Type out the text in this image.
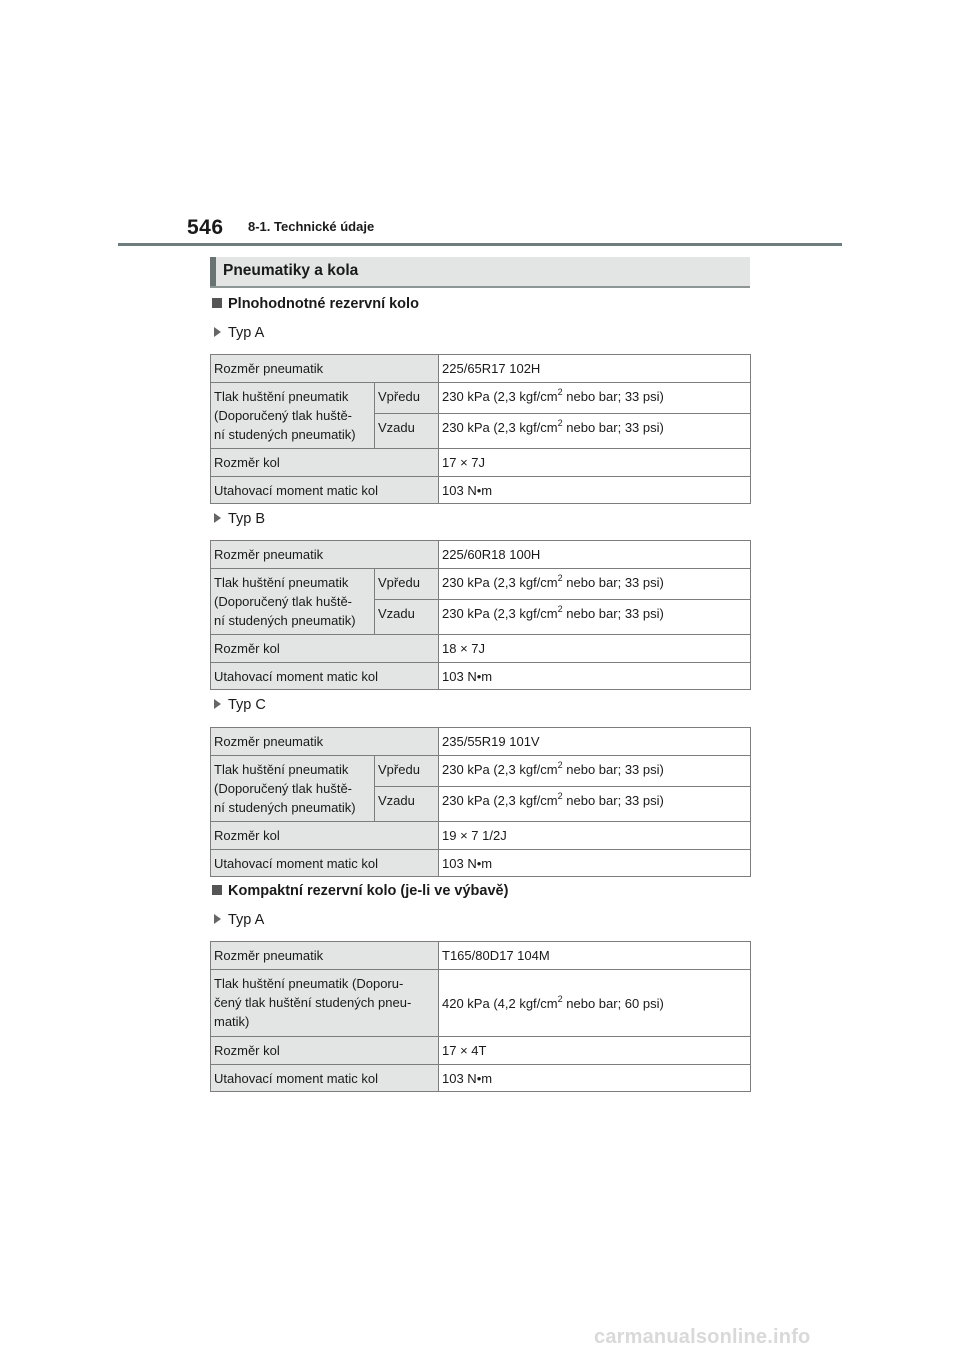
546 8-1. Technické údaje
Pneumatiky a kola
Plnohodnotné rezervní kolo
Typ A
Rozměr pneumatik		225/65R17 102H
Tlak huštění pneumatik
(Doporučený tlak huště-
ní studených pneumatik)	Vpředu	230 kPa (2,3 kgf/$cm^2$ nebo bar; 33 psi)
	Vzadu	230 kPa (2,3 kgf/$cm^2$ nebo bar; 33 psi)
Rozměr kol		17 × 7J
Utahovací moment matic kol		103 N•m
Typ B
Rozměr pneumatik		225/60R18 100H
Tlak huštění pneumatik
(Doporučený tlak huště-
ní studených pneumatik)	Vpředu	230 kPa (2,3 kgf/$cm^2$ nebo bar; 33 psi)
	Vzadu	230 kPa (2,3 kgf/$cm^2$ nebo bar; 33 psi)
Rozměr kol		18 × 7J
Utahovací moment matic kol		103 N•m
Typ C
Rozměr pneumatik		235/55R19 101V
Tlak huštění pneumatik
(Doporučený tlak huště-
ní studených pneumatik)	Vpředu	230 kPa (2,3 kgf/$cm^2$ nebo bar; 33 psi)
	Vzadu	230 kPa (2,3 kgf/$cm^2$ nebo bar; 33 psi)
Rozměr kol		19 × 7 1/2J
Utahovací moment matic kol		103 N•m
Kompaktní rezervní kolo (je-li ve výbavě)
Typ A
Rozměr pneumatik	T165/80D17 104M
Tlak huštění pneumatik (Doporu-
čený tlak huštění studených pneu-
matik)	420 kPa (4,2 kgf/$cm^2$ nebo bar; 60 psi)
Rozměr kol	17 × 4T
Utahovací moment matic kol	103 N•m
carmanualsonline.info
